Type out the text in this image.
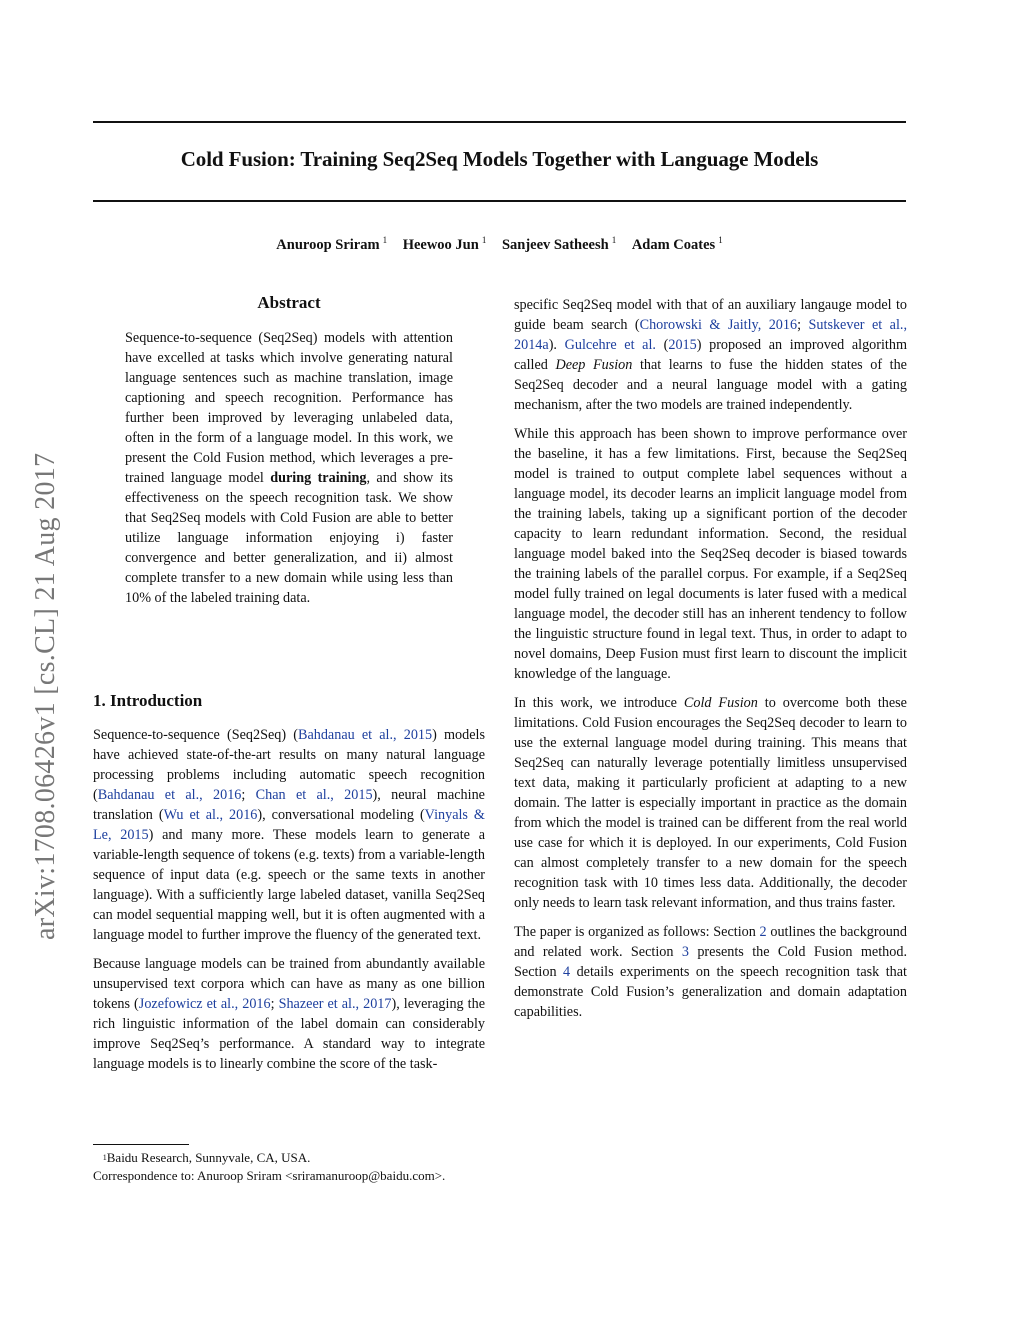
Cold Fusion: Training Seq2Seq Models Together with Language Models
Anuroop Sriram $^1$ Heewoo Jun $^1$ Sanjeev Satheesh $^1$ Adam Coates $^1$
arXiv:1708.06426v1 [cs.CL] 21 Aug 2017
Abstract
Sequence-to-sequence (Seq2Seq) models with attention have excelled at tasks which involve generating natural language sentences such as machine translation, image captioning and speech recognition. Performance has further been improved by leveraging unlabeled data, often in the form of a language model. In this work, we present the Cold Fusion method, which leverages a pre-trained language model during training, and show its effectiveness on the speech recognition task. We show that Seq2Seq models with Cold Fusion are able to better utilize language information enjoying i) faster convergence and better generalization, and ii) almost complete transfer to a new domain while using less than 10% of the labeled training data.
1. Introduction

Sequence-to-sequence (Seq2Seq) (Bahdanau et al., 2015) models have achieved state-of-the-art results on many natural language processing problems including automatic speech recognition (Bahdanau et al., 2016; Chan et al., 2015), neural machine translation (Wu et al., 2016), conversational modeling (Vinyals & Le, 2015) and many more. These models learn to generate a variable-length sequence of tokens (e.g. texts) from a variable-length sequence of input data (e.g. speech or the same texts in another language). With a sufficiently large labeled dataset, vanilla Seq2Seq can model sequential mapping well, but it is often augmented with a language model to further improve the fluency of the generated text.

Because language models can be trained from abundantly available unsupervised text corpora which can have as many as one billion tokens (Jozefowicz et al., 2016; Shazeer et al., 2017), leveraging the rich linguistic information of the label domain can considerably improve Seq2Seq’s performance. A standard way to integrate language models is to linearly combine the score of the task-

specific Seq2Seq model with that of an auxiliary langauge model to guide beam search (Chorowski & Jaitly, 2016; Sutskever et al., 2014a). Gulcehre et al. (2015) proposed an improved algorithm called Deep Fusion that learns to fuse the hidden states of the Seq2Seq decoder and a neural language model with a gating mechanism, after the two models are trained independently.

While this approach has been shown to improve performance over the baseline, it has a few limitations. First, because the Seq2Seq model is trained to output complete label sequences without a language model, its decoder learns an implicit language model from the training labels, taking up a significant portion of the decoder capacity to learn redundant information. Second, the residual language model baked into the Seq2Seq decoder is biased towards the training labels of the parallel corpus. For example, if a Seq2Seq model fully trained on legal documents is later fused with a medical language model, the decoder still has an inherent tendency to follow the linguistic structure found in legal text. Thus, in order to adapt to novel domains, Deep Fusion must first learn to discount the implicit knowledge of the language.

In this work, we introduce Cold Fusion to overcome both these limitations. Cold Fusion encourages the Seq2Seq decoder to learn to use the external language model during training. This means that Seq2Seq can naturally leverage potentially limitless unsupervised text data, making it particularly proficient at adapting to a new domain. The latter is especially important in practice as the domain from which the model is trained can be different from the real world use case for which it is deployed. In our experiments, Cold Fusion can almost completely transfer to a new domain for the speech recognition task with 10 times less data. Additionally, the decoder only needs to learn task relevant information, and thus trains faster.

The paper is organized as follows: Section 2 outlines the background and related work. Section 3 presents the Cold Fusion method. Section 4 details experiments on the speech recognition task that demonstrate Cold Fusion’s generalization and domain adaptation capabilities.

$^1$Baidu Research, Sunnyvale, CA, USA.
Correspondence to: Anuroop Sriram <sriramanuroop@baidu.com>.
